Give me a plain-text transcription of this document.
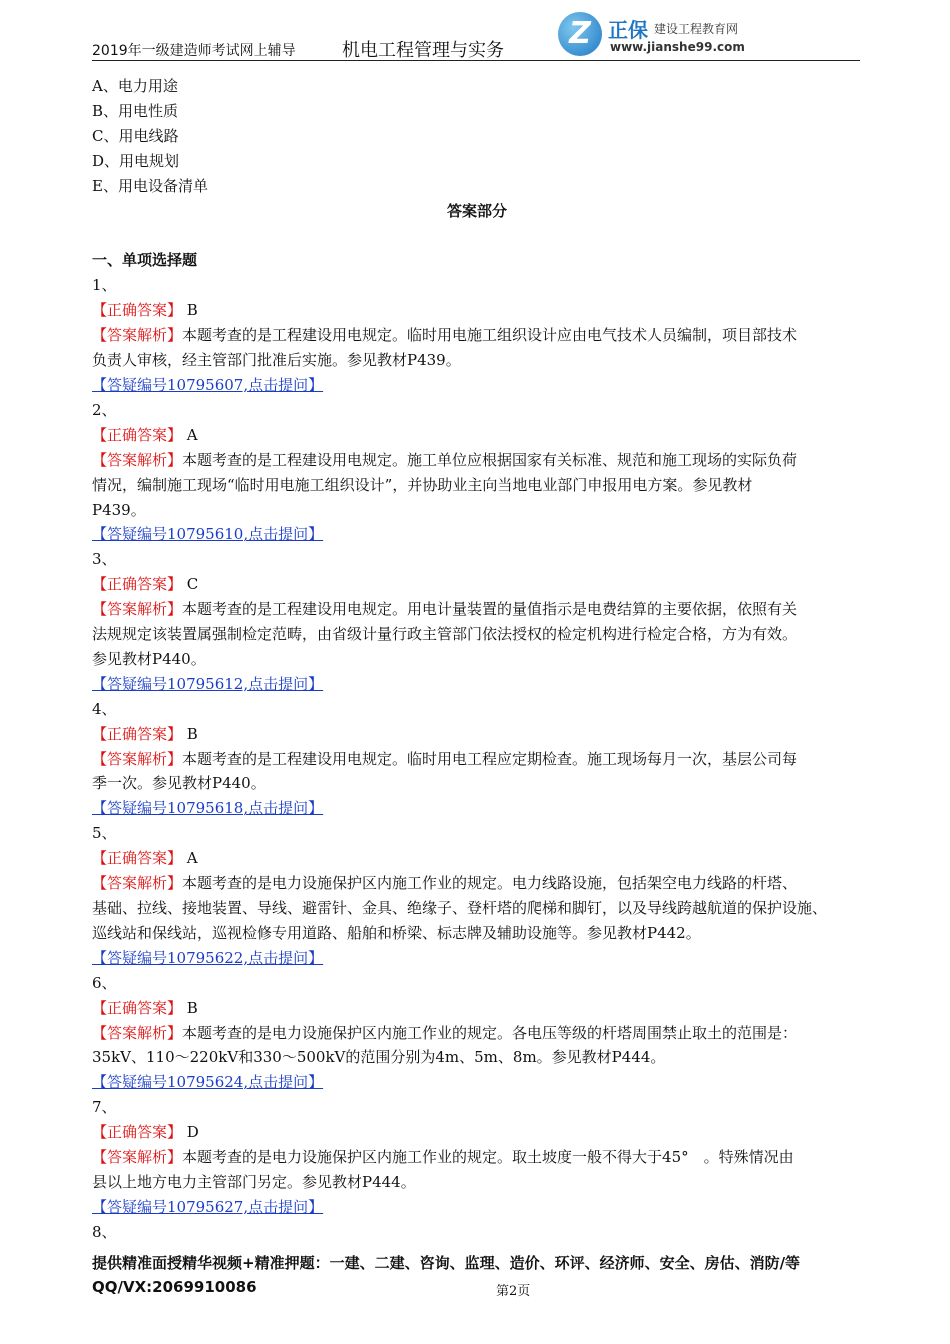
2019年一级建造师考试网上辅导	机电工程管理与实务	Z 正保 建设工程教育网
www.jianshe99.com
A、电力用途
B、用电性质
C、用电线路
D、用电规划
E、用电设备清单
答案部分
一、单项选择题
1、
【正确答案】 B
【答案解析】本题考查的是工程建设用电规定。临时用电施工组织设计应由电气技术人员编制，项目部技术
负责人审核，经主管部门批准后实施。参见教材P439。
【答疑编号10795607,点击提问】
2、
【正确答案】 A
【答案解析】本题考查的是工程建设用电规定。施工单位应根据国家有关标准、规范和施工现场的实际负荷
情况，编制施工现场“临时用电施工组织设计”，并协助业主向当地电业部门申报用电方案。参见教材
P439。
【答疑编号10795610,点击提问】
3、
【正确答案】 C
【答案解析】本题考查的是工程建设用电规定。用电计量装置的量值指示是电费结算的主要依据，依照有关
法规规定该装置属强制检定范畴，由省级计量行政主管部门依法授权的检定机构进行检定合格，方为有效。
参见教材P440。
【答疑编号10795612,点击提问】
4、
【正确答案】 B
【答案解析】本题考查的是工程建设用电规定。临时用电工程应定期检查。施工现场每月一次，基层公司每
季一次。参见教材P440。
【答疑编号10795618,点击提问】
5、
【正确答案】 A
【答案解析】本题考查的是电力设施保护区内施工作业的规定。电力线路设施，包括架空电力线路的杆塔、
基础、拉线、接地装置、导线、避雷针、金具、绝缘子、登杆塔的爬梯和脚钉，以及导线跨越航道的保护设施、
巡线站和保线站，巡视检修专用道路、船舶和桥梁、标志牌及辅助设施等。参见教材P442。
【答疑编号10795622,点击提问】
6、
【正确答案】 B
【答案解析】本题考查的是电力设施保护区内施工作业的规定。各电压等级的杆塔周围禁止取土的范围是：
35kV、110～220kV和330～500kV的范围分别为4m、5m、8m。参见教材P444。
【答疑编号10795624,点击提问】
7、
【正确答案】 D
【答案解析】本题考查的是电力设施保护区内施工作业的规定。取土坡度一般不得大于45°　。特殊情况由
县以上地方电力主管部门另定。参见教材P444。
【答疑编号10795627,点击提问】
8、
提供精准面授精华视频+精准押题：一建、二建、咨询、监理、造价、环评、经济师、安全、房估、消防/等
QQ/VX:2069910086	第2页
